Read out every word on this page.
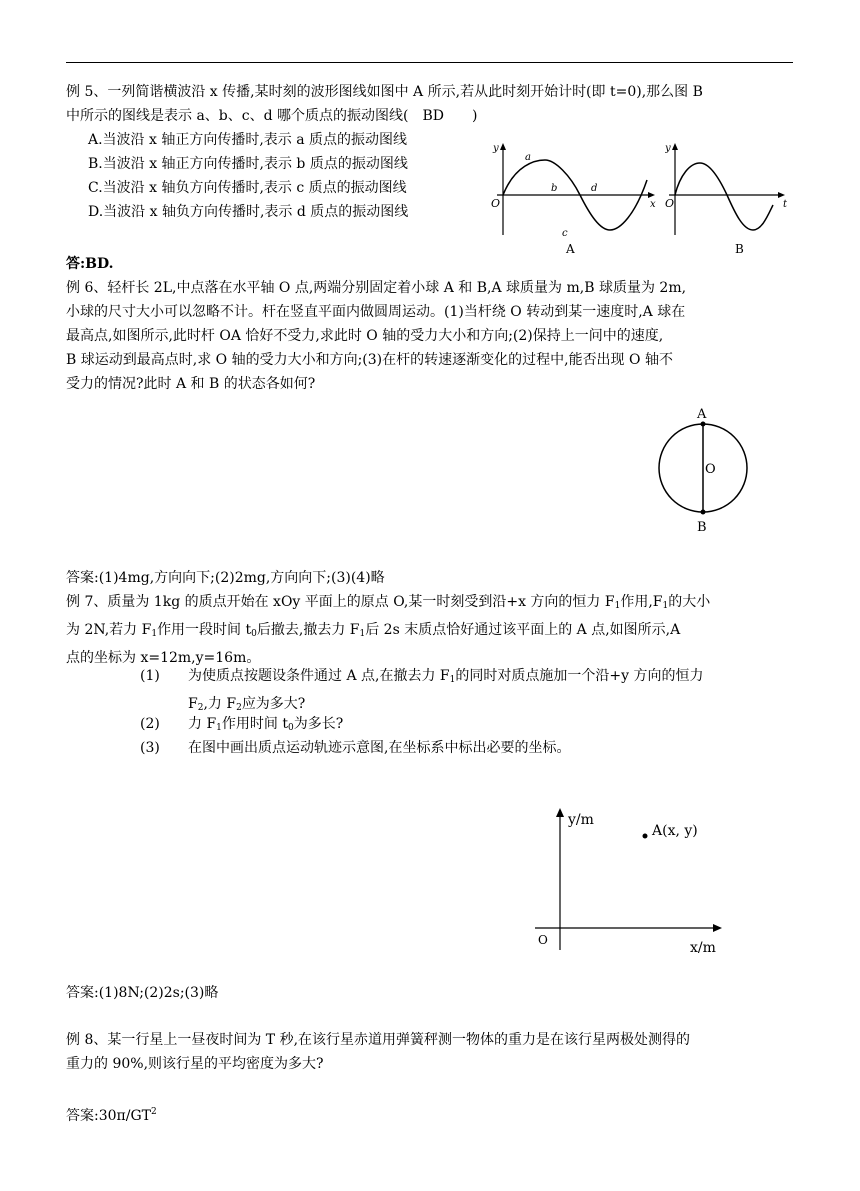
例 5、一列简谐横波沿 x 传播,某时刻的波形图线如图中 A 所示,若从此时刻开始计时(即 t=0),那么图 B
中所示的图线是表示 a、b、c、d 哪个质点的振动图线(　BD　　)

A.当波沿 x 轴正方向传播时,表示 a 质点的振动图线
B.当波沿 x 轴正方向传播时,表示 b 质点的振动图线
C.当波沿 x 轴负方向传播时,表示 c 质点的振动图线
D.当波沿 x 轴负方向传播时,表示 d 质点的振动图线
y
x
O
a
b
c
d
A
y
t
O
B
答:BD.

例 6、轻杆长 2L,中点落在水平轴 O 点,两端分别固定着小球 A 和 B,A 球质量为 m,B 球质量为 2m,
小球的尺寸大小可以忽略不计。杆在竖直平面内做圆周运动。(1)当杆绕 O 转动到某一速度时,A 球在
最高点,如图所示,此时杆 OA 恰好不受力,求此时 O 轴的受力大小和方向;(2)保持上一问中的速度,
B 球运动到最高点时,求 O 轴的受力大小和方向;(3)在杆的转速逐渐变化的过程中,能否出现 O 轴不
受力的情况?此时 A 和 B 的状态各如何?

A
O
B
答案:(1)4mg,方向向下;(2)2mg,方向向下;(3)(4)略
例 7、质量为 1kg 的质点开始在 xOy 平面上的原点 O,某一时刻受到沿+x 方向的恒力 $F_1$作用$,F_1$的大小
为 2N,若力 $F_1$作用一段时间 $t_0$后撤去,撤去力 $F_1$后 2s 末质点恰好通过该平面上的 A 点,如图所示,A
点的坐标为 x=12m,y=16m。
(1)	为使质点按题设条件通过 A 点,在撤去力 $F_1$的同时对质点施加一个沿+y 方向的恒力
$F_2$,力 $F_2$应为多大?
(2)	力 $F_1$作用时间 $t_0$为多长?
(3)	在图中画出质点运动轨迹示意图,在坐标系中标出必要的坐标。
y/m
x/m
O
A(x, y)
答案:(1)8N;(2)2s;(3)略

例 8、某一行星上一昼夜时间为 T 秒,在该行星赤道用弹簧秤测一物体的重力是在该行星两极处测得的
重力的 90%,则该行星的平均密度为多大?

答案$:30\pi/GT^2$
